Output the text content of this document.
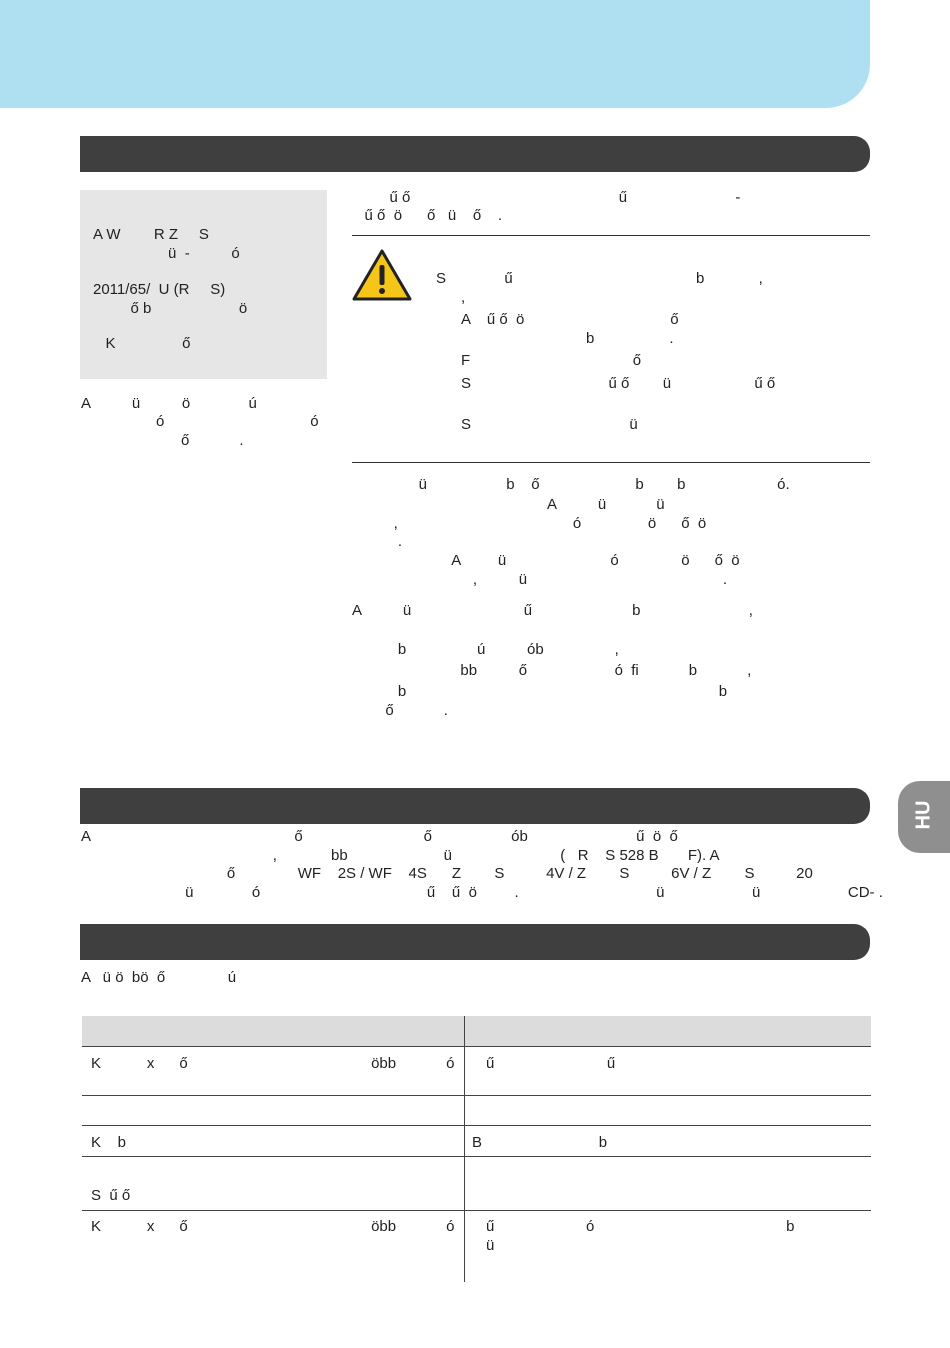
A W        R Z     S
ü  -          ó
2011/65/  U (R     S)
ő b                     ö
K                ő
A          ü          ö              ú
ó                                   ó
ő            .
ű ő                                                  ű                          -
ű ő  ö      ő   ü    ő    .
S              ű                                            b             ,
,
A    ű ő  ö                                   ő
b                  .
F                                       ő
S                                 ű ő        ü                    ű ő
S                                      ü
ü                   b    ő                       b        b                      ó.
A          ü            ü
,                                          ó                ö      ő  ö
.
A         ü                         ó               ö      ő  ö
,          ü                                               .
A          ü                           ű                        b                          ,
b                 ú          ób                 ,
bb          ő                     ó  fi            b            ,
b                                                                           b
ő            .
HU
A                                                 ő                             ő                   ób                          ű  ö  ő
,             bb                       ü                          (   R    S 528 B       F). A
ő               WF    2S / WF    4S      Z        S          4V / Z        S          6V / Z        S          20
ü              ó                                        ű    ű  ö         .                                 ü                     ü                     CD- .
A   ü ö  bö  ő               ú
K           x      ő                                            öbb            ó ű                           ű
K    b	B                            b
S  ű ő
K           x      ő                                            öbb            ó ű                      ó                                              b
ü
